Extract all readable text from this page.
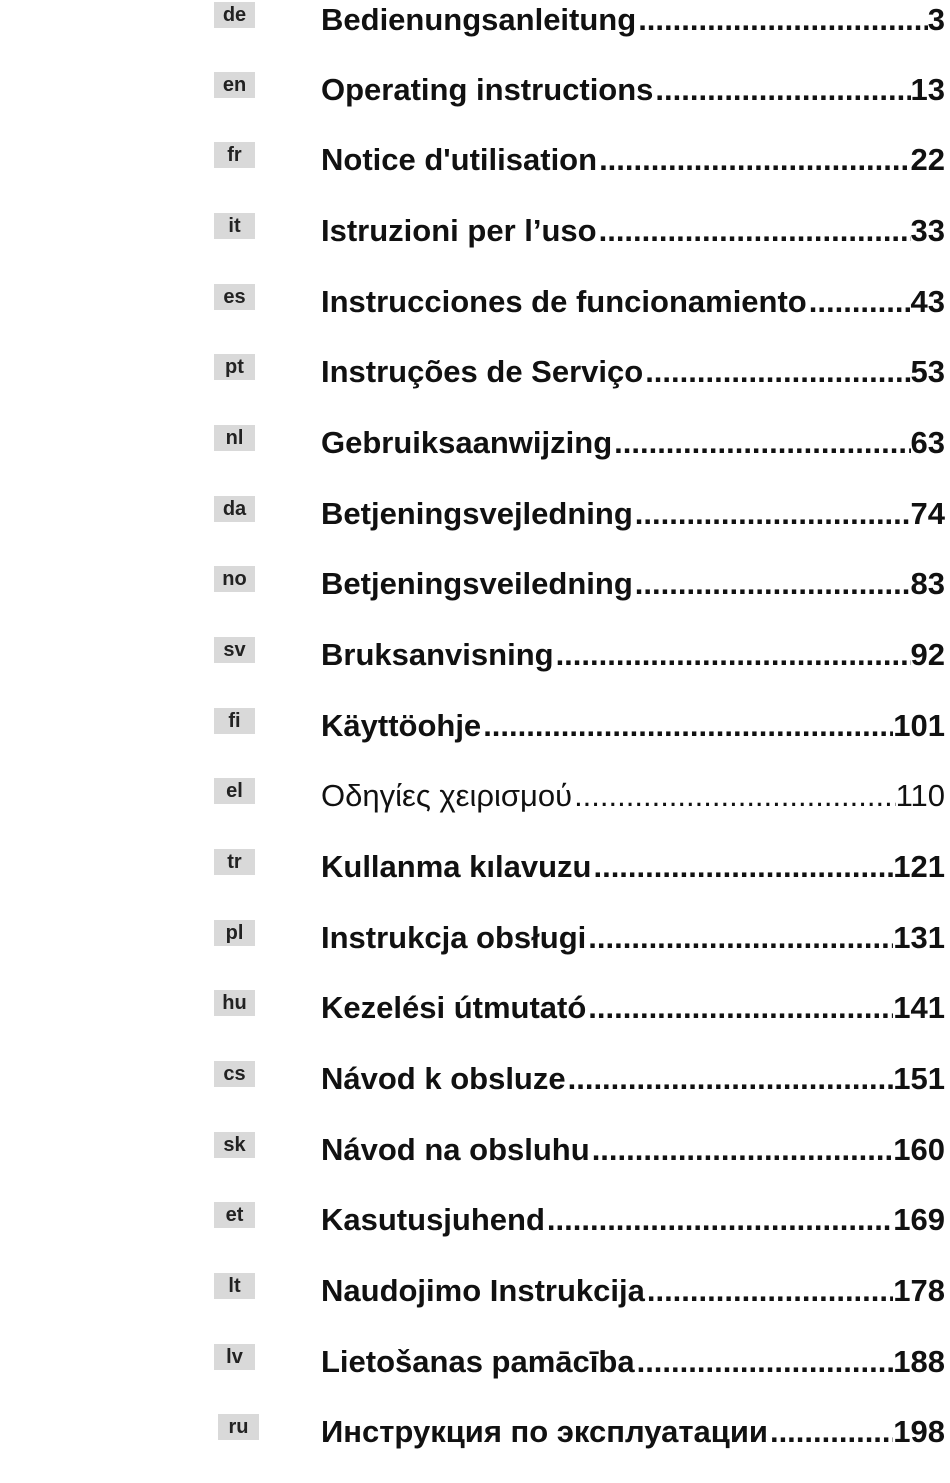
de Bedienungsanleitung .....	3
en Operating instructions .....	13
fr	Notice d'utilisation .....	22
it	Istruzioni per l’uso .....	33
es	Instrucciones de funcionamiento .....	43
pt	Instruções de Serviço .....	53
nl	Gebruiksaanwijzing .....	63
da Betjeningsvejledning .....	74
no Betjeningsveiledning .....	83
sv	Bruksanvisning .....	92
fi	Käyttöohje .....	101
el	Οδηγίες χειρισμού .....	110
tr	Kullanma kılavuzu .....	121
pl	Instrukcja obsługi .....	131
hu Kezelési útmutató .....	141
cs	Návod k obsluze .....	151
sk	Návod na obsluhu .....	160
et	Kasutusjuhend .....	169
lt	Naudojimo Instrukcija .....	178
lv	Lietošanas pamācība .....	188
ru	Инструкция по эксплуатации .....	198
